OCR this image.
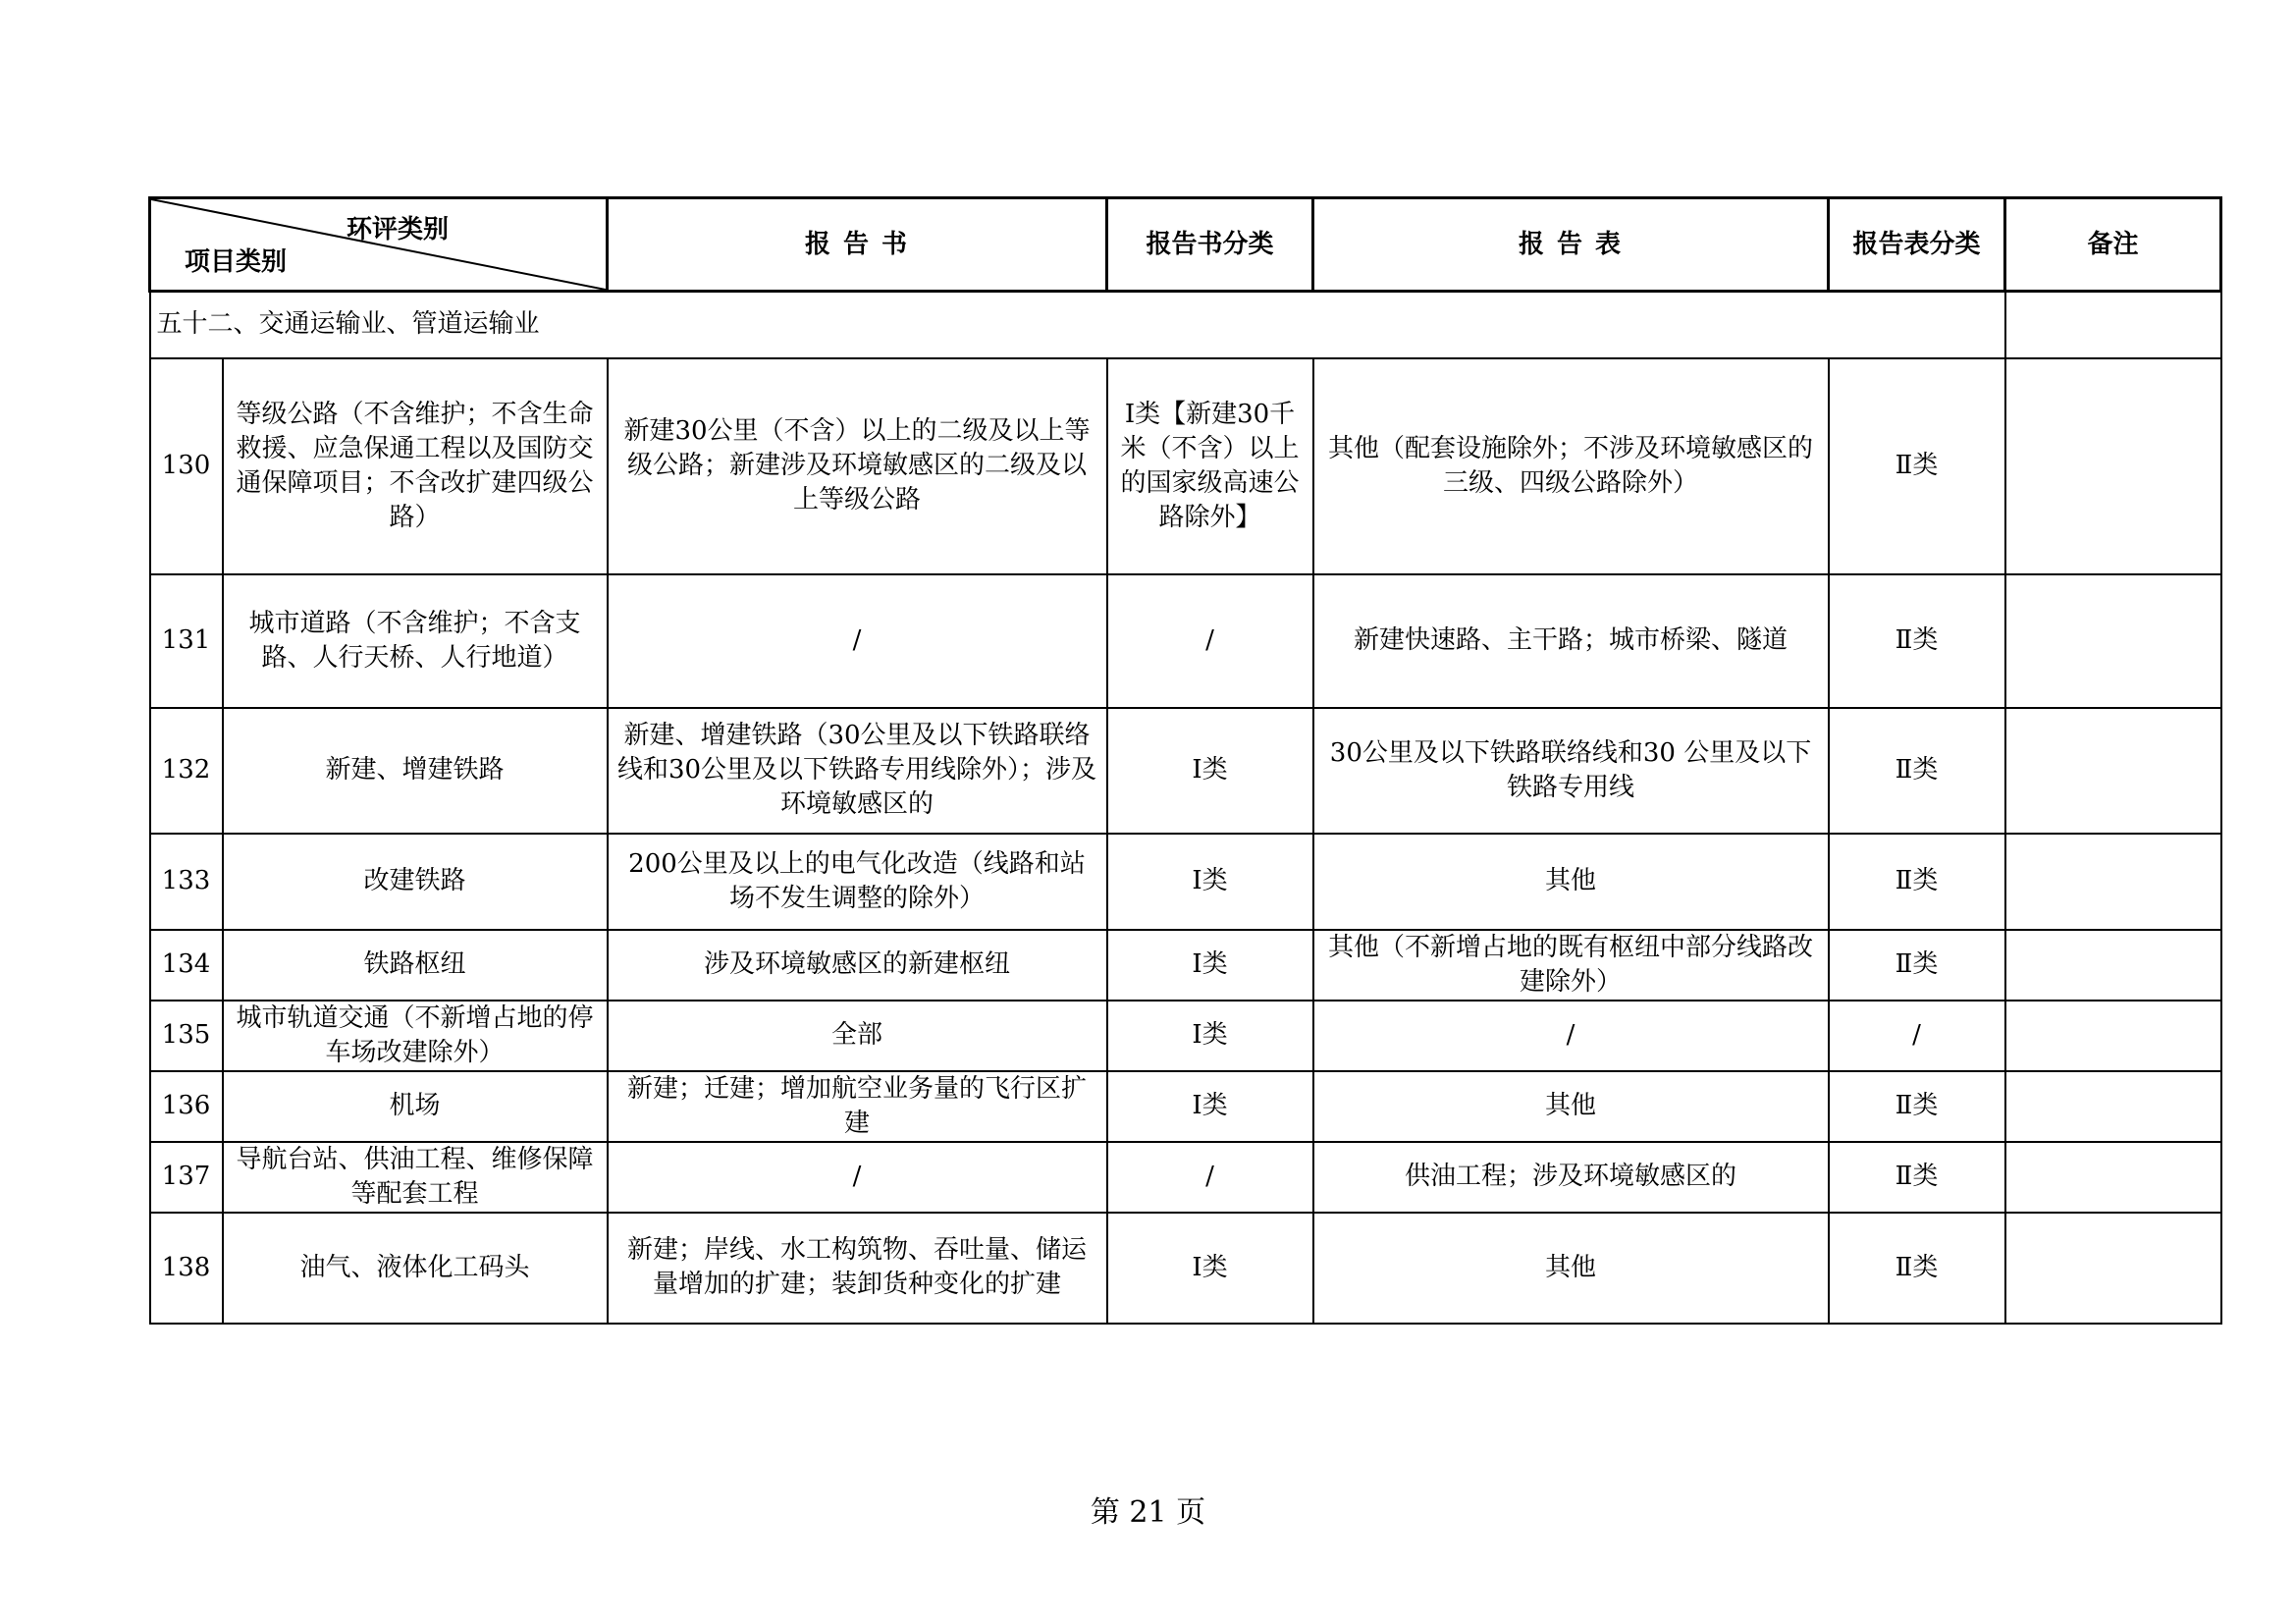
环评类别
项目类别		报 告 书	报告书分类	报 告 表	报告表分类	备注
五十二、交通运输业、管道运输业						
130	等级公路（不含维护；不含生命救援、应急保通工程以及国防交通保障项目；不含改扩建四级公路）	新建30公里（不含）以上的二级及以上等级公路；新建涉及环境敏感区的二级及以上等级公路	Ⅰ类【新建30千米（不含）以上的国家级高速公路除外】	其他（配套设施除外；不涉及环境敏感区的三级、四级公路除外）	Ⅱ类	
131	城市道路（不含维护；不含支路、人行天桥、人行地道）	/	/	新建快速路、主干路；城市桥梁、隧道	Ⅱ类	
132	新建、增建铁路	新建、增建铁路（30公里及以下铁路联络线和30公里及以下铁路专用线除外）；涉及环境敏感区的	Ⅰ类	30公里及以下铁路联络线和30 公里及以下铁路专用线	Ⅱ类	
133	改建铁路	200公里及以上的电气化改造（线路和站场不发生调整的除外）	Ⅰ类	其他	Ⅱ类	
134	铁路枢纽	涉及环境敏感区的新建枢纽	Ⅰ类	其他（不新增占地的既有枢纽中部分线路改建除外）	Ⅱ类	
135	城市轨道交通（不新增占地的停车场改建除外）	全部	Ⅰ类	/	/	
136	机场	新建；迁建；增加航空业务量的飞行区扩建	Ⅰ类	其他	Ⅱ类	
137	导航台站、供油工程、维修保障等配套工程	/	/	供油工程；涉及环境敏感区的	Ⅱ类	
138	油气、液体化工码头	新建；岸线、水工构筑物、吞吐量、储运量增加的扩建；装卸货种变化的扩建	Ⅰ类	其他	Ⅱ类	
第 21 页
